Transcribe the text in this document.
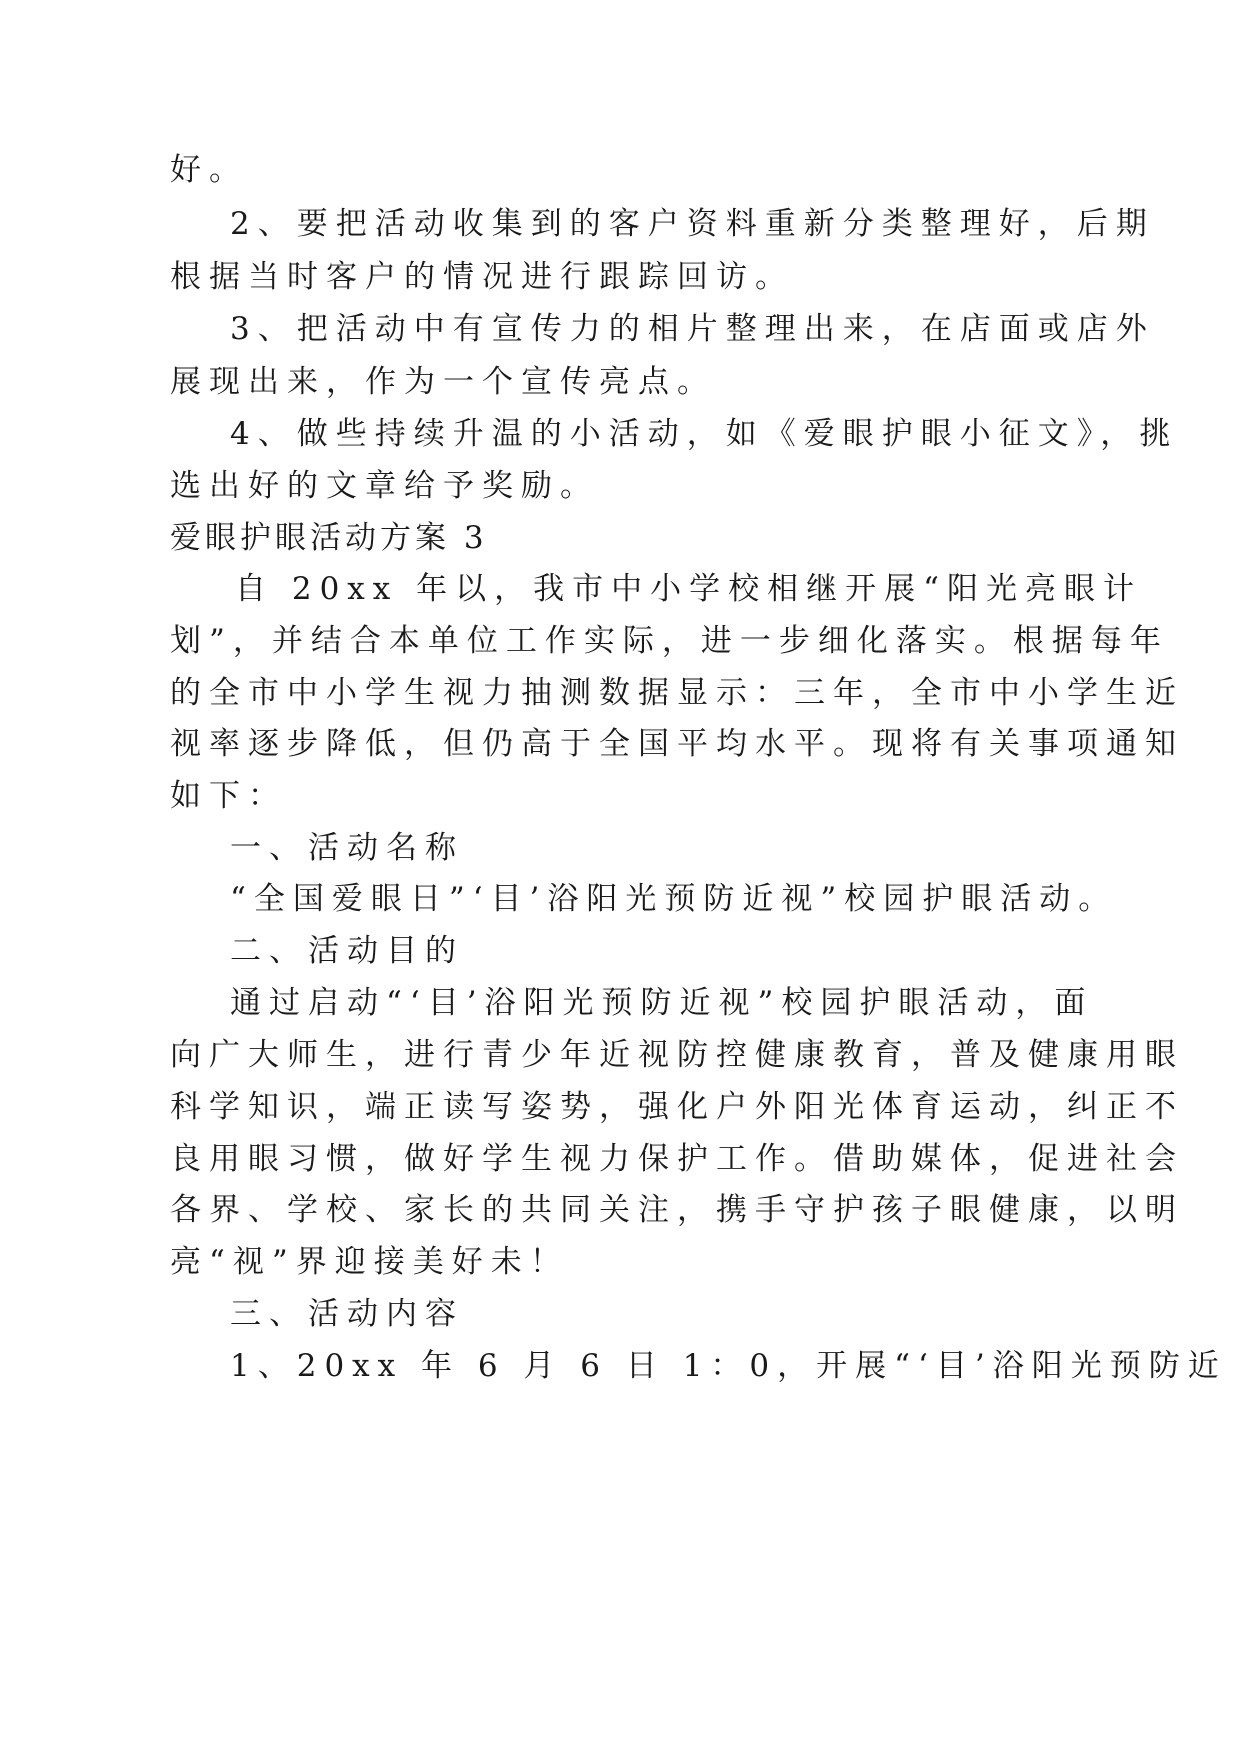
好。
2、要把活动收集到的客户资料重新分类整理好，后期
根据当时客户的情况进行跟踪回访。
3、把活动中有宣传力的相片整理出来，在店面或店外
展现出来，作为一个宣传亮点。
4、做些持续升温的小活动，如《爱眼护眼小征文》，挑
选出好的文章给予奖励。
爱眼护眼活动方案 3
自 20xx 年以，我市中小学校相继开展“阳光亮眼计
划”，并结合本单位工作实际，进一步细化落实。根据每年
的全市中小学生视力抽测数据显示：三年，全市中小学生近
视率逐步降低，但仍高于全国平均水平。现将有关事项通知
如下：
一、活动名称
“全国爱眼日”‘目’浴阳光预防近视”校园护眼活动。
二、活动目的
通过启动“‘目’浴阳光预防近视”校园护眼活动，面
向广大师生，进行青少年近视防控健康教育，普及健康用眼
科学知识，端正读写姿势，强化户外阳光体育运动，纠正不
良用眼习惯，做好学生视力保护工作。借助媒体，促进社会
各界、学校、家长的共同关注，携手守护孩子眼健康，以明
亮“视”界迎接美好未！
三、活动内容
1、20xx 年 6 月 6 日 1：0，开展“‘目’浴阳光预防近
